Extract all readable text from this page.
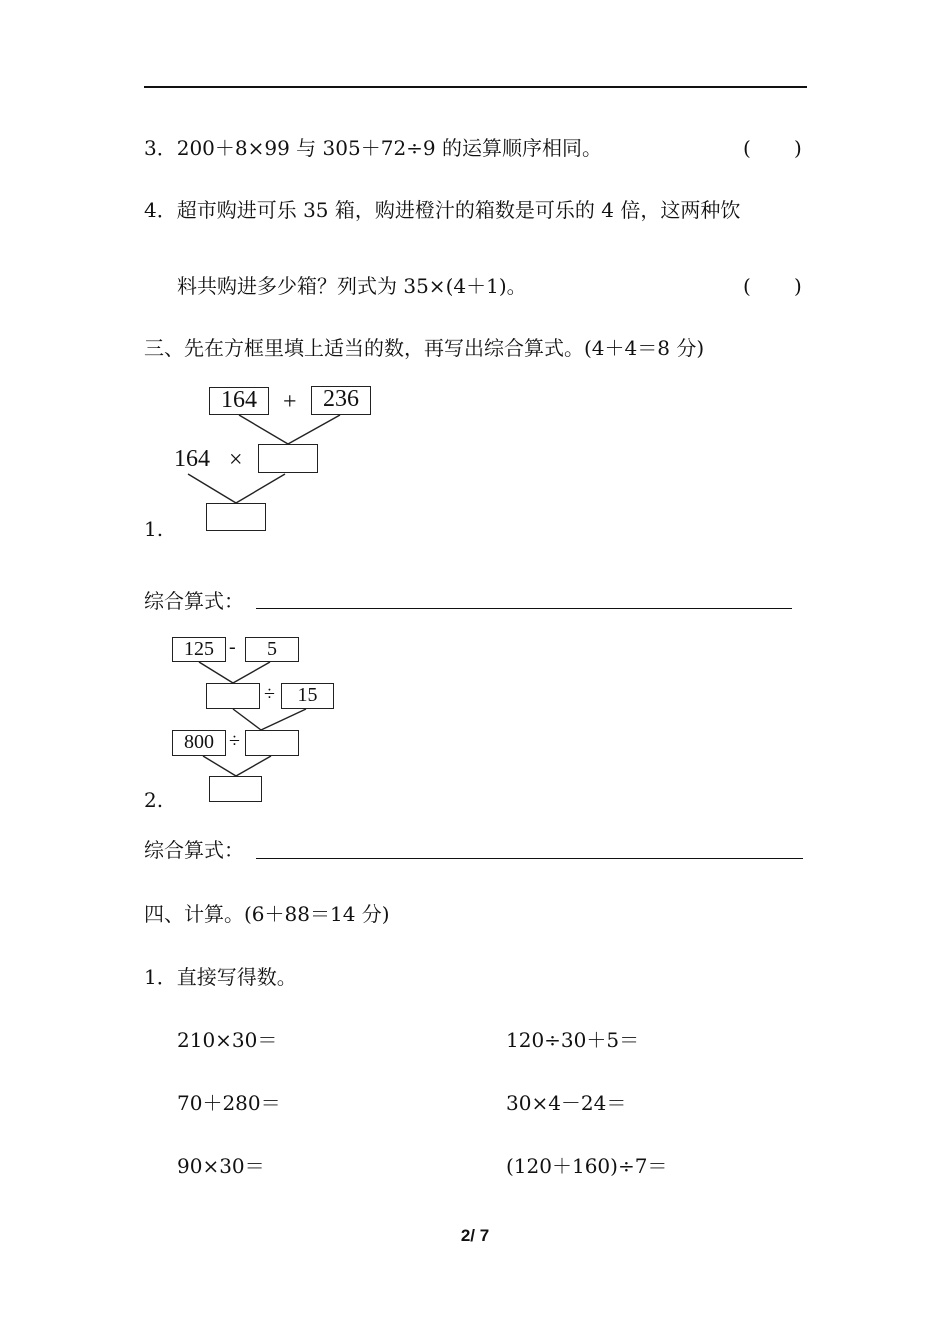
3．200＋8×99 与 305＋72÷9 的运算顺序相同。	( )
4．超市购进可乐 35 箱，购进橙汁的箱数是可乐的 4 倍，这两种饮
料共购进多少箱？列式为 35×(4＋1)。	( )
三、先在方框里填上适当的数，再写出综合算式。(4＋4＝8 分)
164	+	236
164 ×
1.
综合算式：
125 -	5
÷	15
800 ÷
2.
综合算式：
四、计算。(6＋88＝14 分)
1．直接写得数。
210×30＝	120÷30＋5＝
70＋280＝	30×4－24＝
90×30＝	(120＋160)÷7＝
2/ 7
